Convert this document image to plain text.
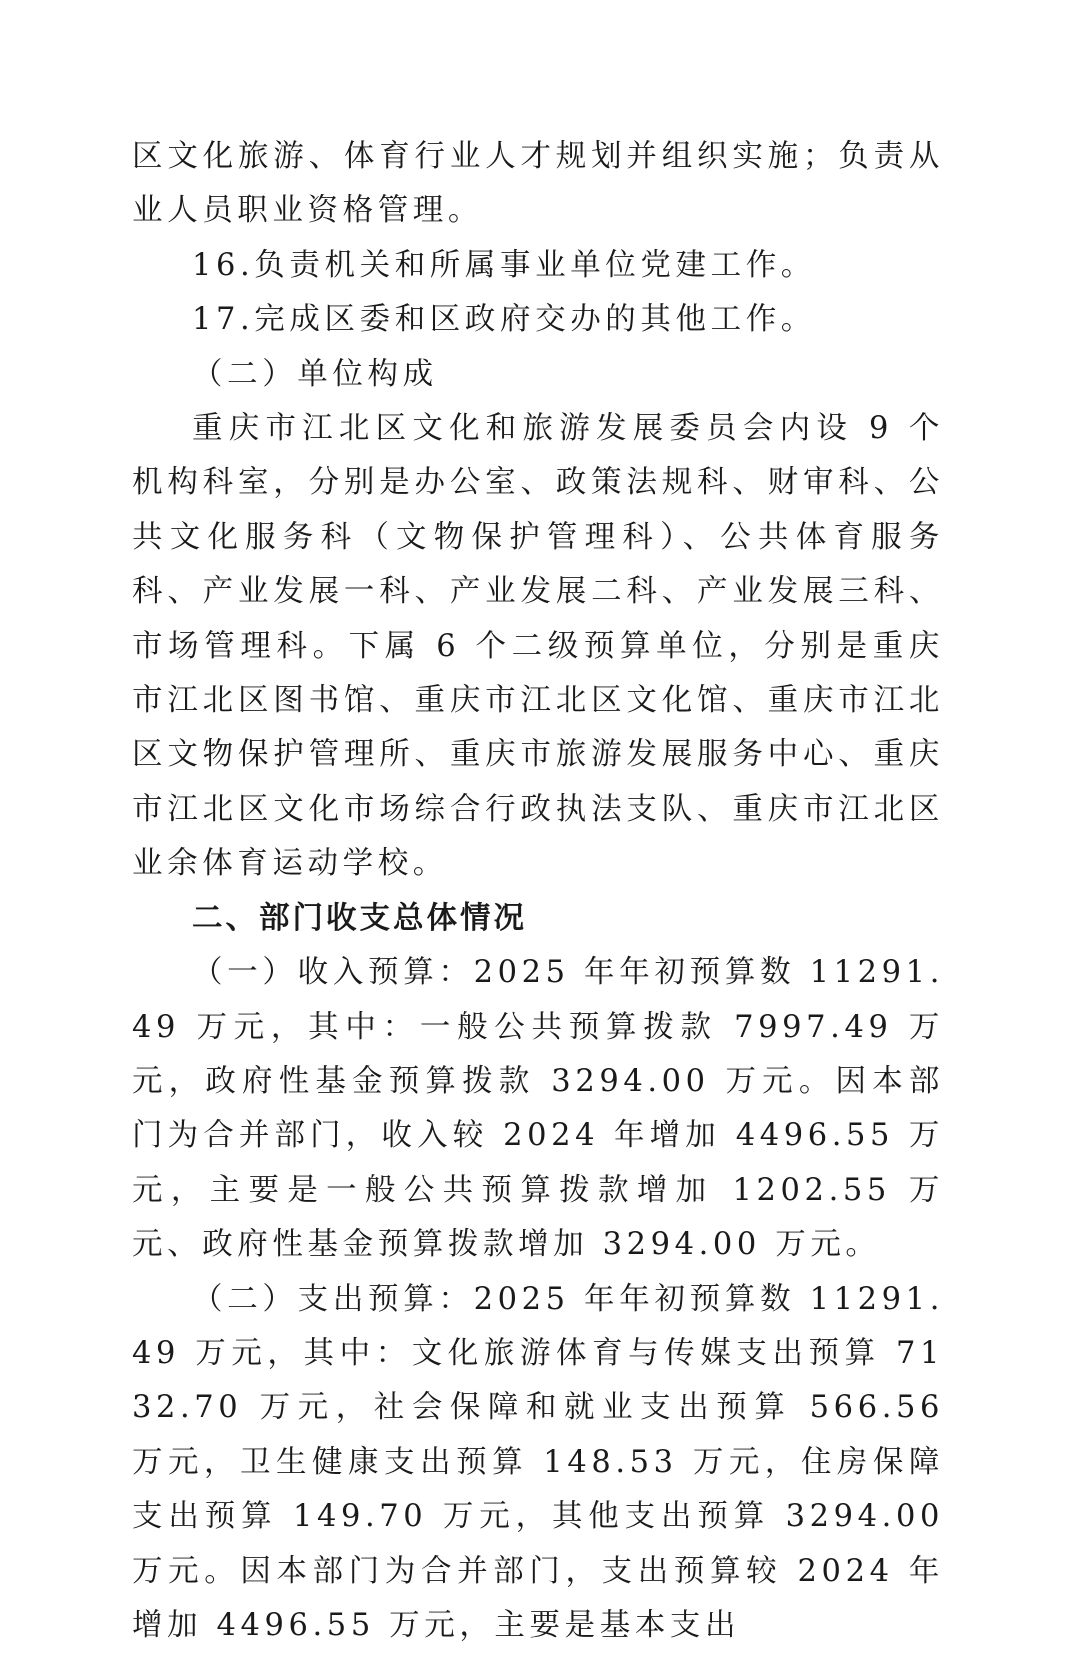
区文化旅游、体育行业人才规划并组织实施；负责从业人员职业资格管理。

16.负责机关和所属事业单位党建工作。

17.完成区委和区政府交办的其他工作。

（二）单位构成

重庆市江北区文化和旅游发展委员会内设 9 个机构科室，分别是办公室、政策法规科、财审科、公共文化服务科（文物保护管理科）、公共体育服务科、产业发展一科、产业发展二科、产业发展三科、市场管理科。下属 6 个二级预算单位，分别是重庆市江北区图书馆、重庆市江北区文化馆、重庆市江北区文物保护管理所、重庆市旅游发展服务中心、重庆市江北区文化市场综合行政执法支队、重庆市江北区业余体育运动学校。

二、部门收支总体情况

（一）收入预算：2025 年年初预算数 11291.49 万元，其中：一般公共预算拨款 7997.49 万元，政府性基金预算拨款 3294.00 万元。因本部门为合并部门，收入较 2024 年增加 4496.55 万元，主要是一般公共预算拨款增加 1202.55 万元、政府性基金预算拨款增加 3294.00 万元。

（二）支出预算：2025 年年初预算数 11291.49 万元，其中：文化旅游体育与传媒支出预算 7132.70 万元，社会保障和就业支出预算 566.56 万元，卫生健康支出预算 148.53 万元，住房保障支出预算 149.70 万元，其他支出预算 3294.00 万元。因本部门为合并部门，支出预算较 2024 年增加 4496.55 万元，主要是基本支出
